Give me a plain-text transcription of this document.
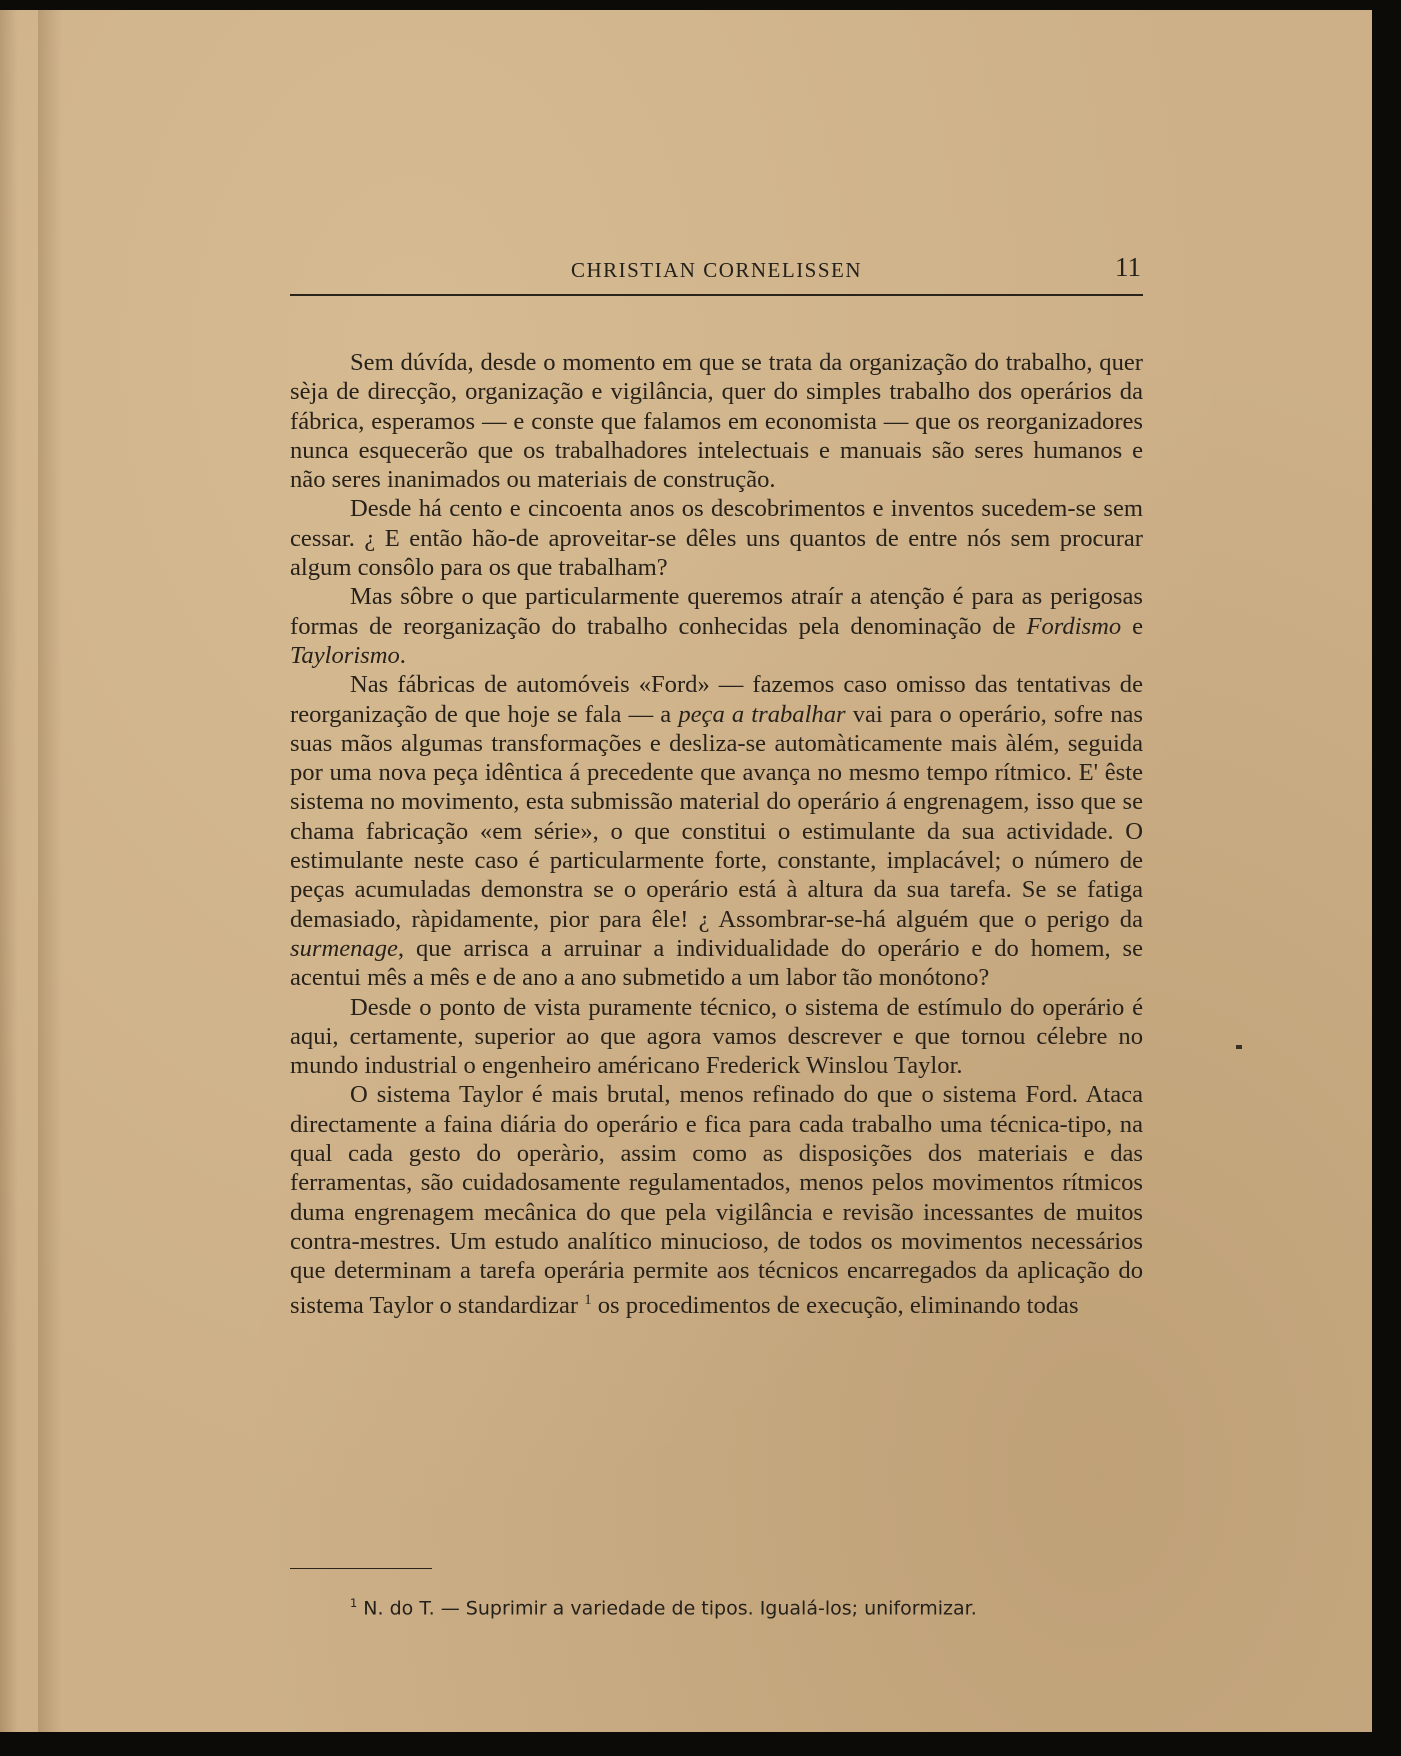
CHRISTIAN CORNELISSEN	11

Sem dúvída, desde o momento em que se trata da organização do trabalho, quer sèja de direcção, organização e vigilância, quer do simples trabalho dos operários da fábrica, esperamos — e conste que falamos em economista — que os reorganizadores nunca esquecerão que os trabalhadores intelectuais e manuais são seres humanos e não seres inanimados ou materiais de construção.

Desde há cento e cincoenta anos os descobrimentos e inventos sucedem-se sem cessar. ¿ E então hão-de aproveitar-se dêles uns quantos de entre nós sem procurar algum consôlo para os que trabalham?

Mas sôbre o que particularmente queremos atraír a atenção é para as perigosas formas de reorganização do trabalho conhecidas pela denominação de Fordismo e Taylorismo.

Nas fábricas de automóveis «Ford» — fazemos caso omisso das tentativas de reorganização de que hoje se fala — a peça a trabalhar vai para o operário, sofre nas suas mãos algumas transformações e desliza-se automàticamente mais àlém, seguida por uma nova peça idêntica á precedente que avança no mesmo tempo rítmico. E' êste sistema no movimento, esta submissão material do operário á engrenagem, isso que se chama fabricação «em série», o que constitui o estimulante da sua actividade. O estimulante neste caso é particularmente forte, constante, implacável; o número de peças acumuladas demonstra se o operário está à altura da sua tarefa. Se se fatiga demasiado, ràpidamente, pior para êle! ¿ Assombrar-se-há alguém que o perigo da surmenage, que arrisca a arruinar a individualidade do operário e do homem, se acentui mês a mês e de ano a ano submetido a um labor tão monótono?

Desde o ponto de vista puramente técnico, o sistema de estímulo do operário é aqui, certamente, superior ao que agora vamos descrever e que tornou célebre no mundo industrial o engenheiro américano Frederick Winslou Taylor.

O sistema Taylor é mais brutal, menos refinado do que o sistema Ford. Ataca directamente a faina diária do operário e fica para cada trabalho uma técnica-tipo, na qual cada gesto do operàrio, assim como as disposições dos materiais e das ferramentas, são cuidadosamente regulamentados, menos pelos movimentos rítmicos duma engrenagem mecânica do que pela vigilância e revisão incessantes de muitos contra-mestres. Um estudo analítico minucioso, de todos os movimentos necessários que determinam a tarefa operária permite aos técnicos encarregados da aplicação do sistema Taylor o standardizar $^1$ os procedimentos de execução, eliminando todas

$^1$ N. do T. — Suprimir a variedade de tipos. Igualá-los; uniformizar.
